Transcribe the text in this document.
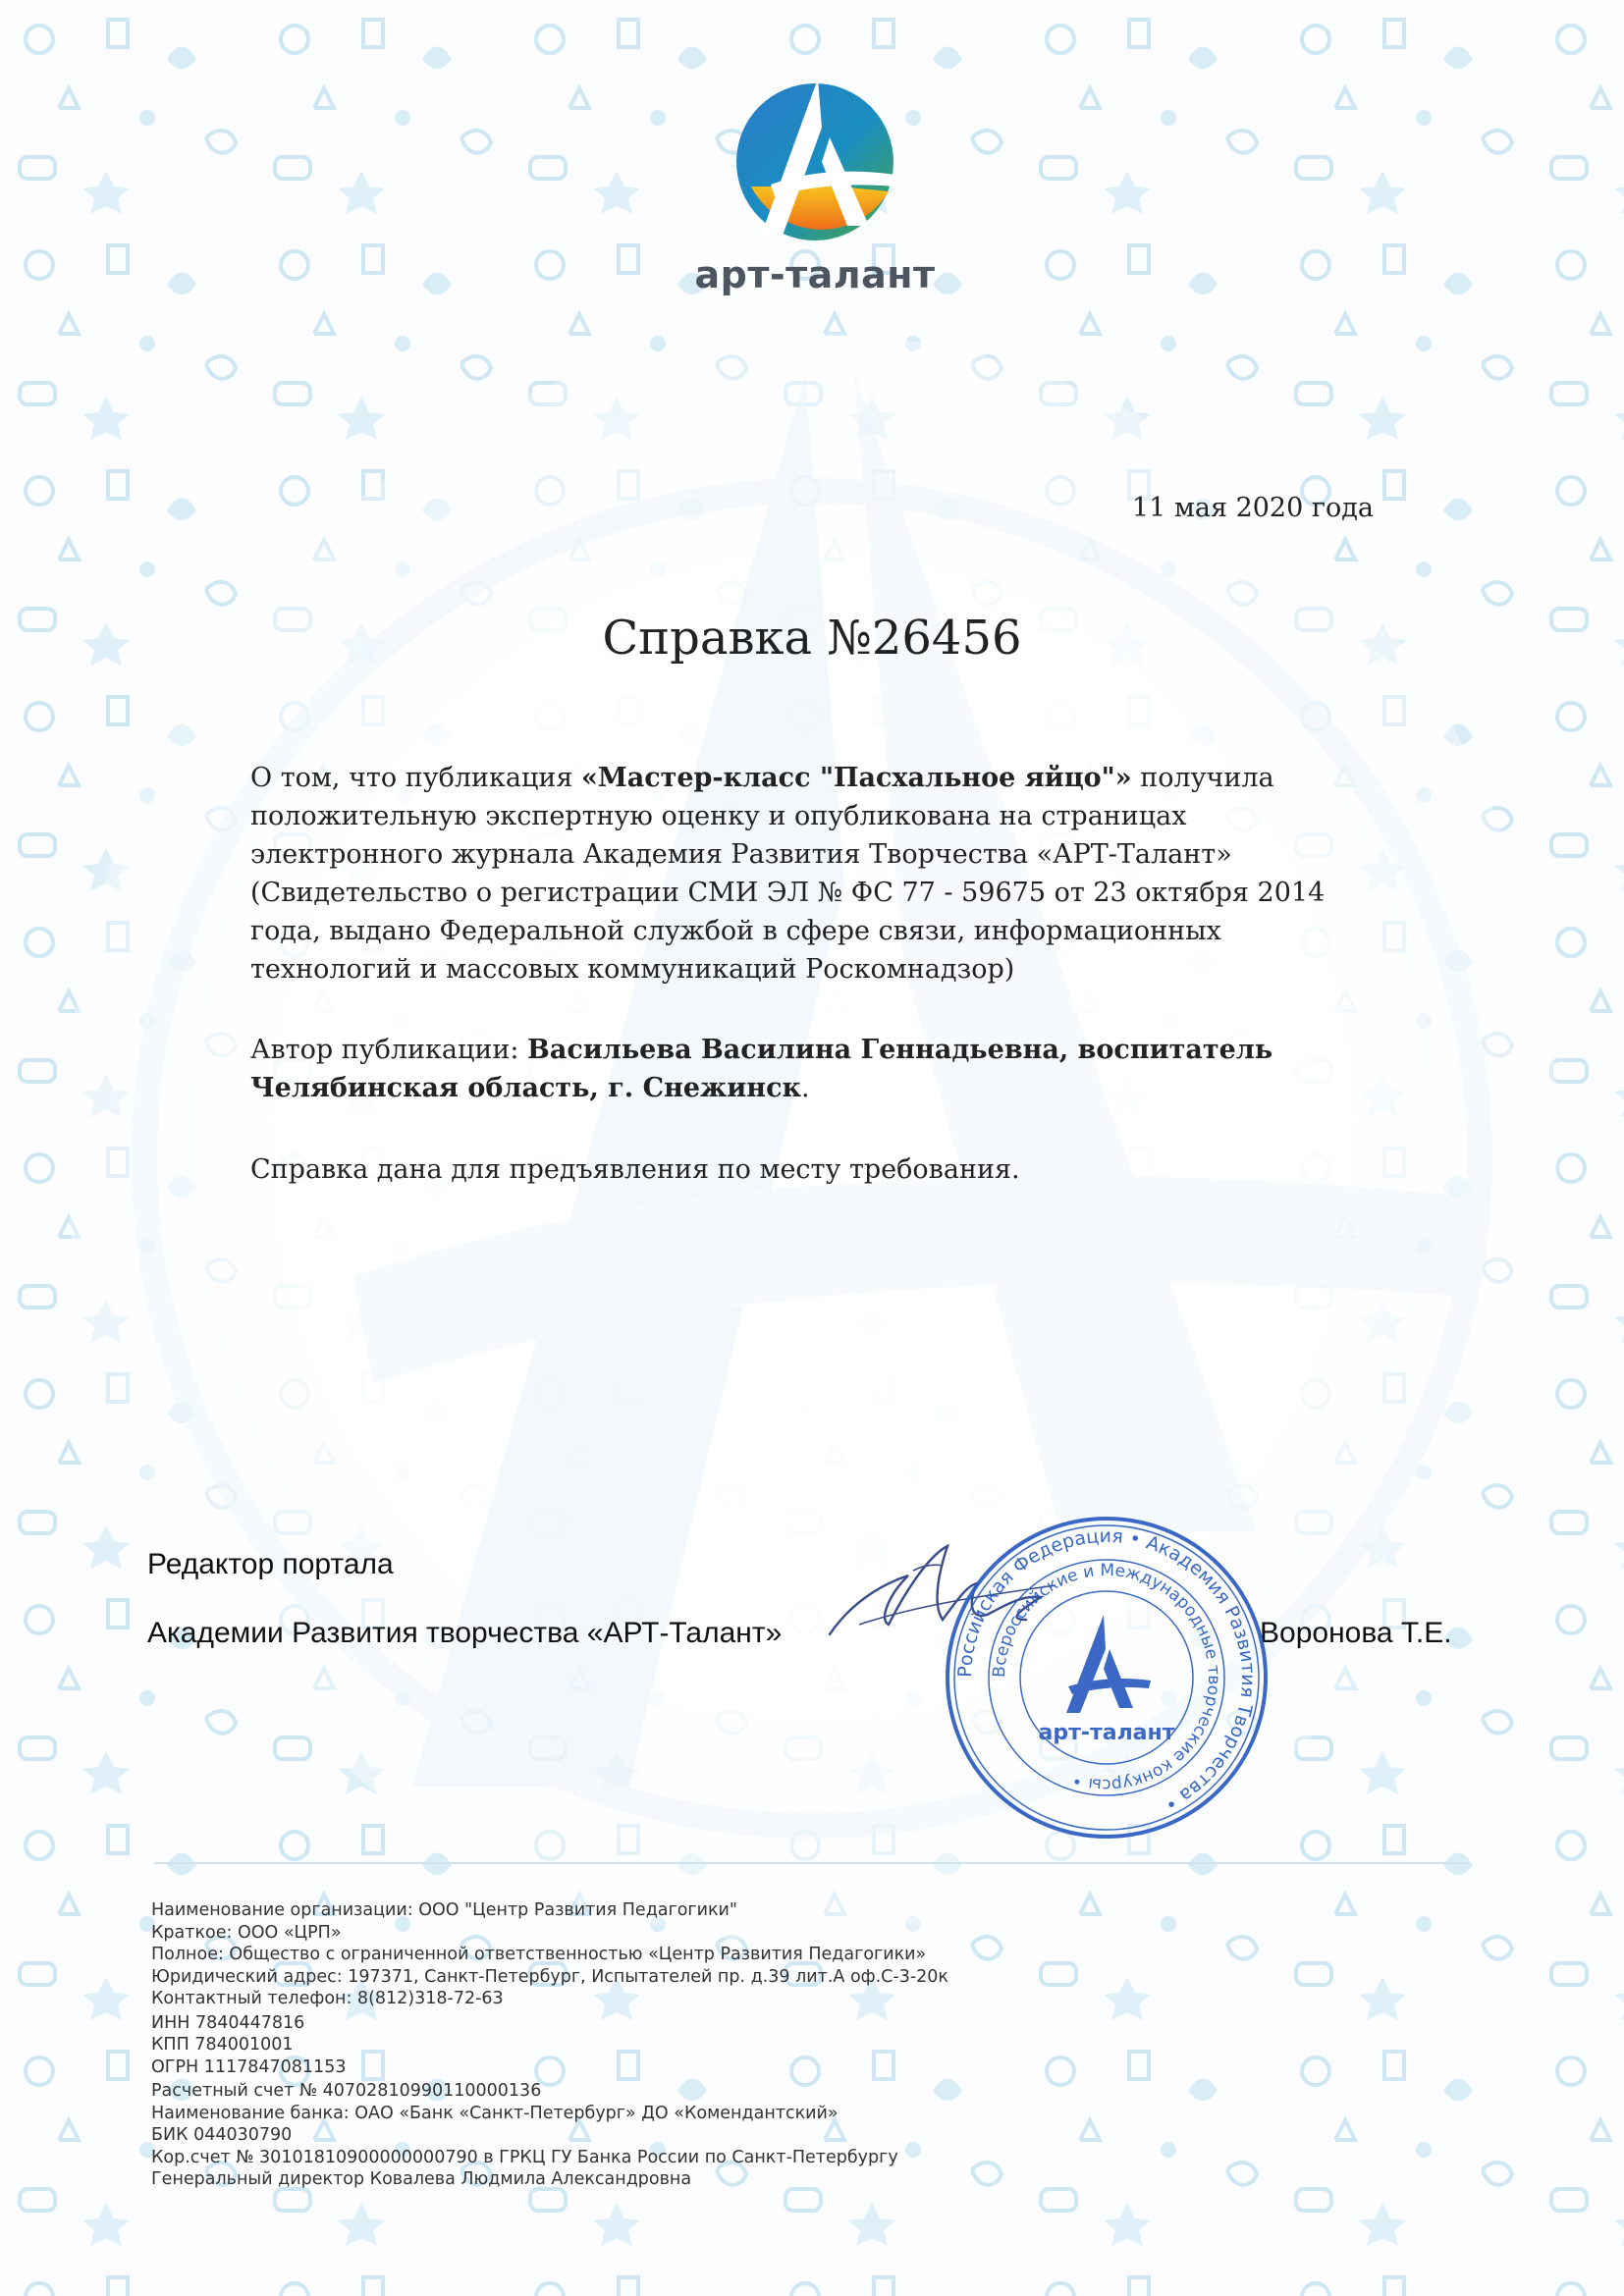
арт-талант
11 мая 2020 года
Справка №26456

О том, что публикация «Мастер-класс "Пасхальное яйцо"» получила положительную экспертную оценку и опубликована на страницах электронного журнала Академия Развития Творчества «АРТ-Талант» (Свидетельство о регистрации СМИ ЭЛ № ФС 77 - 59675 от 23 октября 2014 года, выдано Федеральной службой в сфере связи, информационных технологий и массовых коммуникаций Роскомнадзор)

Автор публикации: Васильева Василина Геннадьевна, воспитатель
Челябинская область, г. Снежинск.

Справка дана для предъявления по месту требования.

Редактор портала
Академии Развития творчества «АРТ-Талант»	Воронова Т.Е.
Российская Федерация • Академия Развития Творчества •
Всероссийские и Международные творческие конкурсы •
арт-талант
Наименование организации: ООО "Центр Развития Педагогики"
Краткое: ООО «ЦРП»
Полное: Общество с ограниченной ответственностью «Центр Развития Педагогики»
Юридический адрес: 197371, Санкт-Петербург, Испытателей пр. д.39 лит.А оф.С-3-20к
Контактный телефон: 8(812)318-72-63
ИНН 7840447816
КПП 784001001
ОГРН 1117847081153
Расчетный счет № 40702810990110000136
Наименование банка: ОАО «Банк «Санкт-Петербург» ДО «Комендантский»
БИК 044030790
Кор.счет № 30101810900000000790 в ГРКЦ ГУ Банка России по Санкт-Петербургу
Генеральный директор Ковалева Людмила Александровна
